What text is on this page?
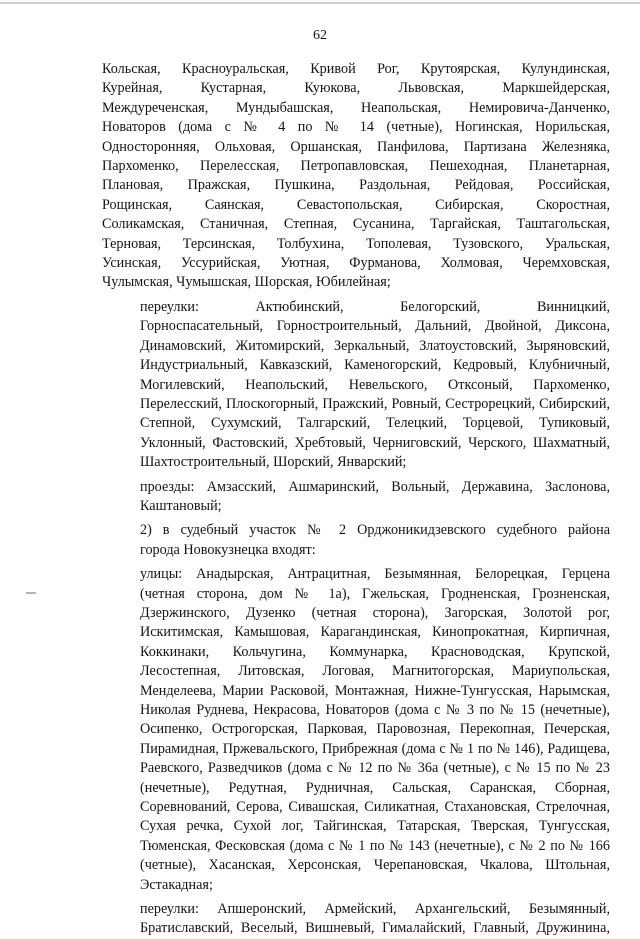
62
Кольская, Красноуральская, Кривой Рог, Крутоярская, Кулундинская,
Курейная, Кустарная, Куюкова, Львовская, Маркшейдерская,
Междуреченская, Мундыбашская, Неапольская, Немировича-Данченко,
Новаторов (дома с № 4 по № 14 (четные), Ногинская, Норильская,
Односторонняя, Ольховая, Оршанская, Панфилова, Партизана Железняка,
Пархоменко, Перелесская, Петропавловская, Пешеходная, Планетарная,
Плановая, Пражская, Пушкина, Раздольная, Рейдовая, Российская,
Рощинская, Саянская, Севастопольская, Сибирская, Скоростная,
Соликамская, Станичная, Степная, Сусанина, Таргайская, Таштагольская,
Терновая, Терсинская, Толбухина, Тополевая, Тузовского, Уральская,
Усинская, Уссурийская, Уютная, Фурманова, Холмовая, Черемховская,
Чулымская, Чумышская, Шорская, Юбилейная;
переулки: Актюбинский, Белогорский, Винницкий,
Горноспасательный, Горностроительный, Дальний, Двойной, Диксона,
Динамовский, Житомирский, Зеркальный, Златоустовский, Зыряновский,
Индустриальный, Кавказский, Каменогорский, Кедровый, Клубничный,
Могилевский, Неапольский, Невельского, Отксоный, Пархоменко,
Перелесский, Плоскогорный, Пражский, Ровный, Сестрорецкий, Сибирский,
Степной, Сухумский, Талгарский, Телецкий, Торцевой, Тупиковый,
Уклонный, Фастовский, Хребтовый, Черниговский, Черского, Шахматный,
Шахтостроительный, Шорский, Январский;
проезды: Амзасский, Ашмаринский, Вольный, Державина, Заслонова,
Каштановый;
2) в судебный участок № 2 Орджоникидзевского судебного района
города Новокузнецка входят:
улицы: Анадырская, Антрацитная, Безымянная, Белорецкая, Герцена
(четная сторона, дом № 1а), Гжельская, Гродненская, Грозненская,
Дзержинского, Дузенко (четная сторона), Загорская, Золотой рог,
Искитимская, Камышовая, Карагандинская, Кинопрокатная, Кирпичная,
Коккинаки, Кольчугина, Коммунарка, Красноводская, Крупской,
Лесостепная, Литовская, Логовая, Магнитогорская, Мариупольская,
Менделеева, Марии Расковой, Монтажная, Нижне-Тунгусская, Нарымская,
Николая Руднева, Некрасова, Новаторов (дома с № 3 по № 15 (нечетные),
Осипенко, Острогорская, Парковая, Паровозная, Перекопная, Печерская,
Пирамидная, Пржевальского, Прибрежная (дома с № 1 по № 146), Радищева,
Раевского, Разведчиков (дома с № 12 по № 36а (четные), с № 15 по № 23
(нечетные), Редутная, Рудничная, Сальская, Саранская, Сборная,
Соревнований, Серова, Сивашская, Силикатная, Стахановская, Стрелочная,
Сухая речка, Сухой лог, Тайгинская, Татарская, Тверская, Тунгусская,
Тюменская, Фесковская (дома с № 1 по № 143 (нечетные), с № 2 по № 166
(четные), Хасанская, Херсонская, Черепановская, Чкалова, Штольная,
Эстакадная;
переулки: Апшеронский, Армейский, Архангельский, Безымянный,
Братиславский, Веселый, Вишневый, Гималайский, Главный, Дружинина,
